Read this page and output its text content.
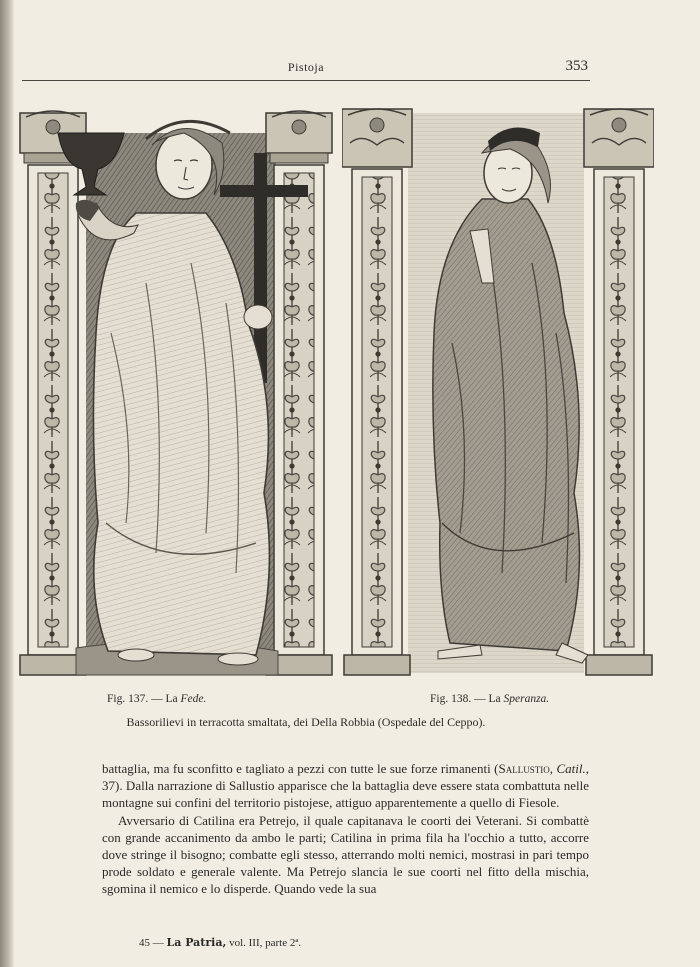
Pistoja	353
Fig. 137. — La Fede.	Fig. 138. — La Speranza.
Bassorilievi in terracotta smaltata, dei Della Robbia (Ospedale del Ceppo).

battaglia, ma fu sconfitto e tagliato a pezzi con tutte le sue forze rimanenti (Sallustio, Catil., 37). Dalla narrazione di Sallustio apparisce che la battaglia deve essere stata combattuta nelle montagne sui confini del territorio pistojese, attiguo apparentemente a quello di Fiesole.

Avversario di Catilina era Petrejo, il quale capitanava le coorti dei Veterani. Si combattè con grande accanimento da ambo le parti; Catilina in prima fila ha l'occhio a tutto, accorre dove stringe il bisogno; combatte egli stesso, atterrando molti nemici, mostrasi in pari tempo prode soldato e generale valente. Ma Petrejo slancia le sue coorti nel fitto della mischia, sgomina il nemico e lo disperde. Quando vede la sua

45 — La Patria, vol. III, parte 2ª.
